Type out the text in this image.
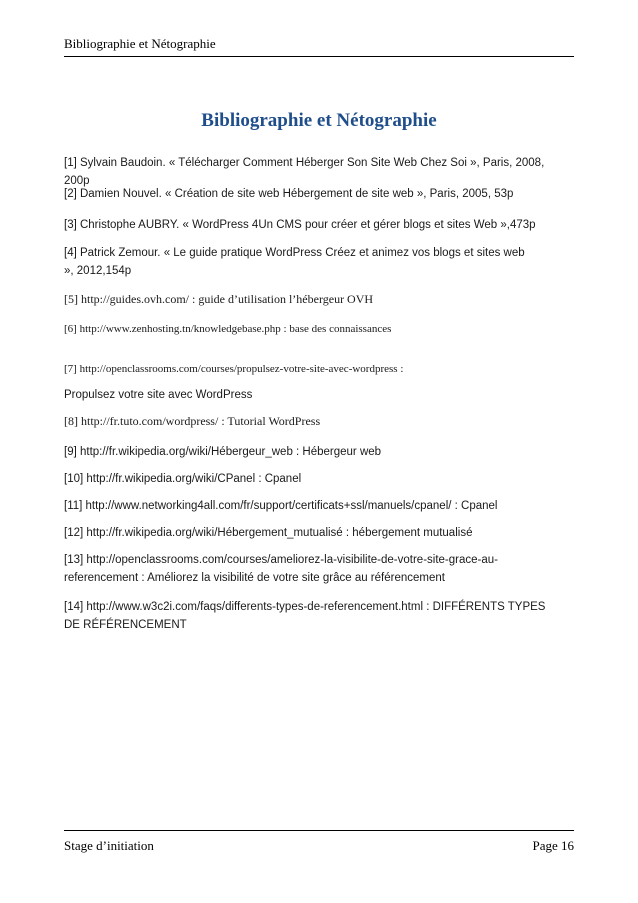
Bibliographie et Nétographie
Bibliographie et Nétographie
[1] Sylvain Baudoin. « Télécharger Comment Héberger Son Site Web Chez Soi », Paris, 2008, 200p
[2] Damien Nouvel. « Création de site web Hébergement de site web », Paris, 2005, 53p
[3] Christophe AUBRY. « WordPress 4Un CMS pour créer et gérer blogs et sites Web »,473p
[4] Patrick Zemour. « Le guide pratique WordPress Créez et animez vos blogs et sites web », 2012,154p
[5] http://guides.ovh.com/ : guide d’utilisation l’hébergeur OVH
[6] http://www.zenhosting.tn/knowledgebase.php : base des connaissances
[7] http://openclassrooms.com/courses/propulsez-votre-site-avec-wordpress :
Propulsez votre site avec WordPress
[8] http://fr.tuto.com/wordpress/ : Tutorial WordPress
[9] http://fr.wikipedia.org/wiki/Hébergeur_web : Hébergeur web
[10] http://fr.wikipedia.org/wiki/CPanel : Cpanel
[11] http://www.networking4all.com/fr/support/certificats+ssl/manuels/cpanel/ : Cpanel
[12] http://fr.wikipedia.org/wiki/Hébergement_mutualisé : hébergement mutualisé
[13] http://openclassrooms.com/courses/ameliorez-la-visibilite-de-votre-site-grace-au-referencement : Améliorez la visibilité de votre site grâce au référencement
[14] http://www.w3c2i.com/faqs/differents-types-de-referencement.html : DIFFÉRENTS TYPES DE RÉFÉRENCEMENT
Stage d’initiation	Page 16
